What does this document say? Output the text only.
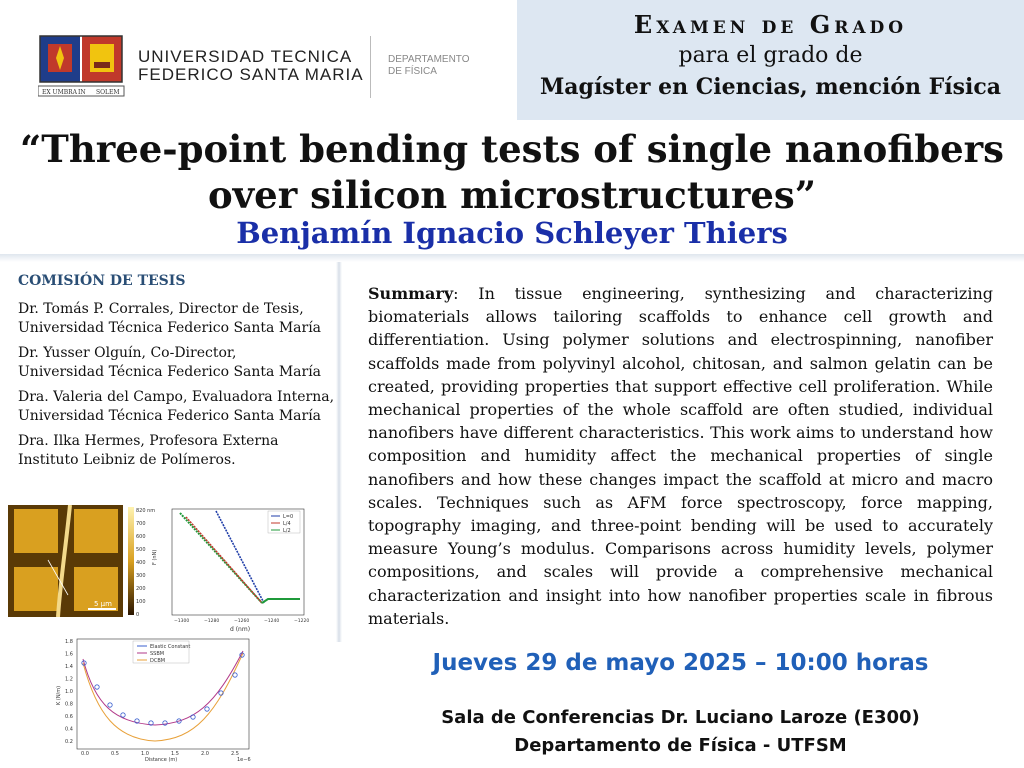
EX UMBRA IN SOLEM
UNIVERSIDAD TECNICA
FEDERICO SANTA MARIA
DEPARTAMENTO
DE FÍSICA
Examen de Grado
para el grado de
Magíster en Ciencias, mención Física
“Three-point bending tests of single nanofibers
over silicon microstructures”
Benjamín Ignacio Schleyer Thiers
COMISIÓN DE TESIS
Dr. Tomás P. Corrales, Director de Tesis,
Universidad Técnica Federico Santa María
Dr. Yusser Olguín, Co-Director,
Universidad Técnica Federico Santa María
Dra. Valeria del Campo, Evaluadora Interna,
Universidad Técnica Federico Santa María
Dra. Ilka Hermes, Profesora Externa
Instituto Leibniz de Polímeros.
5 µm
820 nm
700
600
500
400
300
200
100
0
L=0
L/4
L/2
d (nm)
F (nN)
−1300	−1280	−1260	−1240	−1220
Elastic Constant
SSBM
DCBM
1.8
1.6
1.4
1.2
1.0
0.8
0.6
0.4
0.2
0.0	0.5	1.0	1.5	2.0	2.5
Distance (m)	1e−6
K (N/m)
Summary: In tissue engineering, synthesizing and characterizing biomaterials allows tailoring scaffolds to enhance cell growth and differentiation. Using polymer solutions and electrospinning, nanofiber scaffolds made from polyvinyl alcohol, chitosan, and salmon gelatin can be created, providing properties that support effective cell proliferation. While mechanical properties of the whole scaffold are often studied, individual nanofibers have different characteristics. This work aims to understand how composition and humidity affect the mechanical properties of single nanofibers and how these changes impact the scaffold at micro and macro scales. Techniques such as AFM force spectroscopy, force mapping, topography imaging, and three-point bending will be used to accurately measure Young’s modulus. Comparisons across humidity levels, polymer compositions, and scales will provide a comprehensive mechanical characterization and insight into how nanofiber properties scale in fibrous materials.
Jueves 29 de mayo 2025 – 10:00 horas
Sala de Conferencias Dr. Luciano Laroze (E300)
Departamento de Física - UTFSM
